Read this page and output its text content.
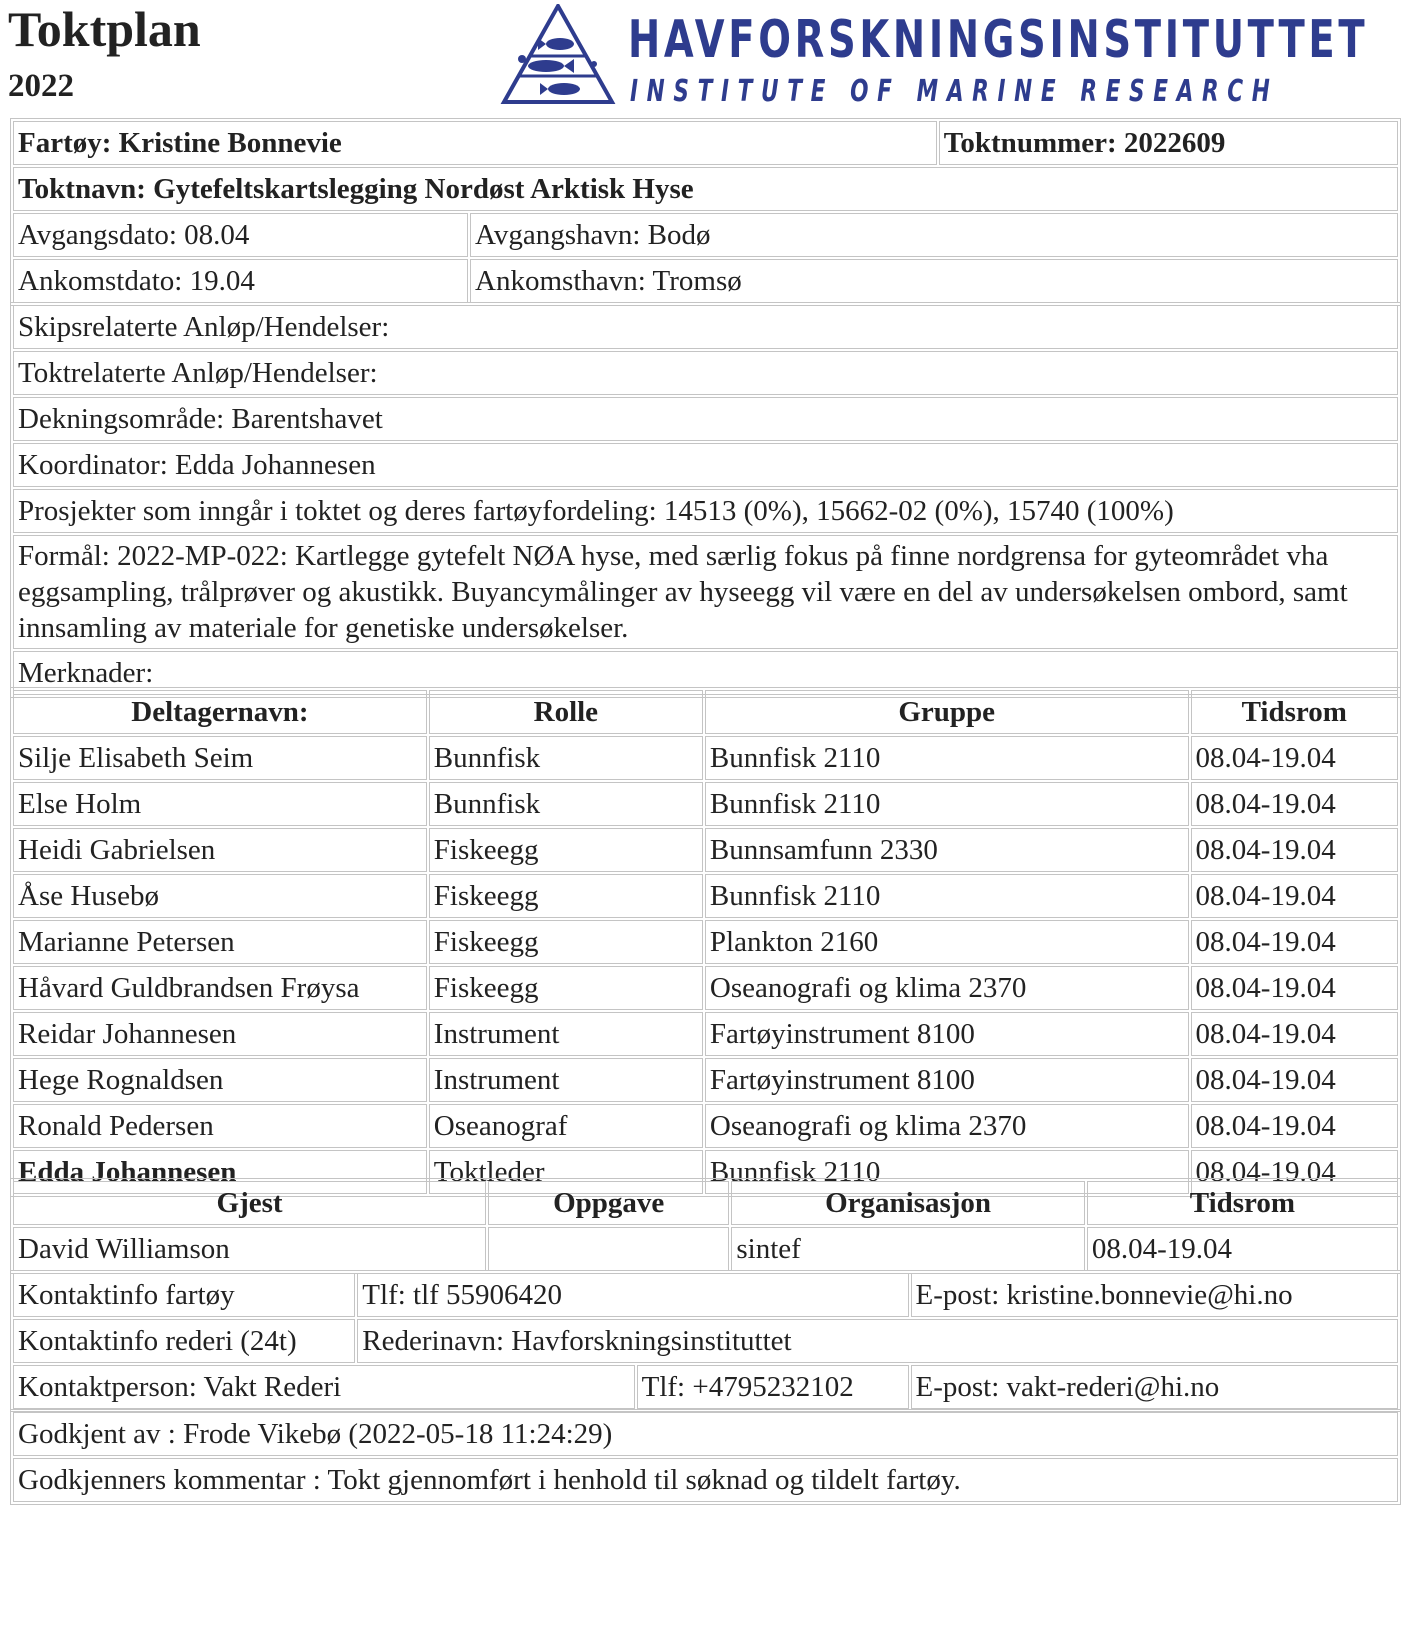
Toktplan
2022
HAVFORSKNINGSINSTITUTTET
INSTITUTE OF MARINE RESEARCH
Fartøy: Kristine Bonnevie		Toktnummer: 2022609
Toktnavn: Gytefeltskartslegging Nordøst Arktisk Hyse		
Avgangsdato: 08.04	Avgangshavn: Bodø	
Ankomstdato: 19.04	Ankomsthavn: Tromsø	
Skipsrelaterte Anløp/Hendelser:
Toktrelaterte Anløp/Hendelser:
Dekningsområde: Barentshavet
Koordinator: Edda Johannesen
Prosjekter som inngår i toktet og deres fartøyfordeling: 14513 (0%), 15662-02 (0%), 15740 (100%)
Formål: 2022-MP-022: Kartlegge gytefelt NØA hyse, med særlig fokus på finne nordgrensa for gyteområdet vha eggsampling, trålprøver og akustikk. Buyancymålinger av hyseegg vil være en del av undersøkelsen ombord, samt innsamling av materiale for genetiske undersøkelser.
Merknader:
Deltagernavn:	Rolle	Gruppe	Tidsrom
Silje Elisabeth Seim	Bunnfisk	Bunnfisk 2110	08.04-19.04
Else Holm	Bunnfisk	Bunnfisk 2110	08.04-19.04
Heidi Gabrielsen	Fiskeegg	Bunnsamfunn 2330	08.04-19.04
Åse Husebø	Fiskeegg	Bunnfisk 2110	08.04-19.04
Marianne Petersen	Fiskeegg	Plankton 2160	08.04-19.04
Håvard Guldbrandsen Frøysa	Fiskeegg	Oseanografi og klima 2370	08.04-19.04
Reidar Johannesen	Instrument	Fartøyinstrument 8100	08.04-19.04
Hege Rognaldsen	Instrument	Fartøyinstrument 8100	08.04-19.04
Ronald Pedersen	Oseanograf	Oseanografi og klima 2370	08.04-19.04
Edda Johannesen	Toktleder	Bunnfisk 2110	08.04-19.04
Gjest	Oppgave	Organisasjon	Tidsrom
David Williamson		sintef	08.04-19.04
Kontaktinfo fartøy	Tlf: tlf 55906420		E-post: kristine.bonnevie@hi.no
Kontaktinfo rederi (24t)	Rederinavn: Havforskningsinstituttet		
Kontaktperson: Vakt Rederi		Tlf: +4795232102	E-post: vakt-rederi@hi.no
Godkjent av : Frode Vikebø (2022-05-18 11:24:29)
Godkjenners kommentar : Tokt gjennomført i henhold til søknad og tildelt fartøy.
